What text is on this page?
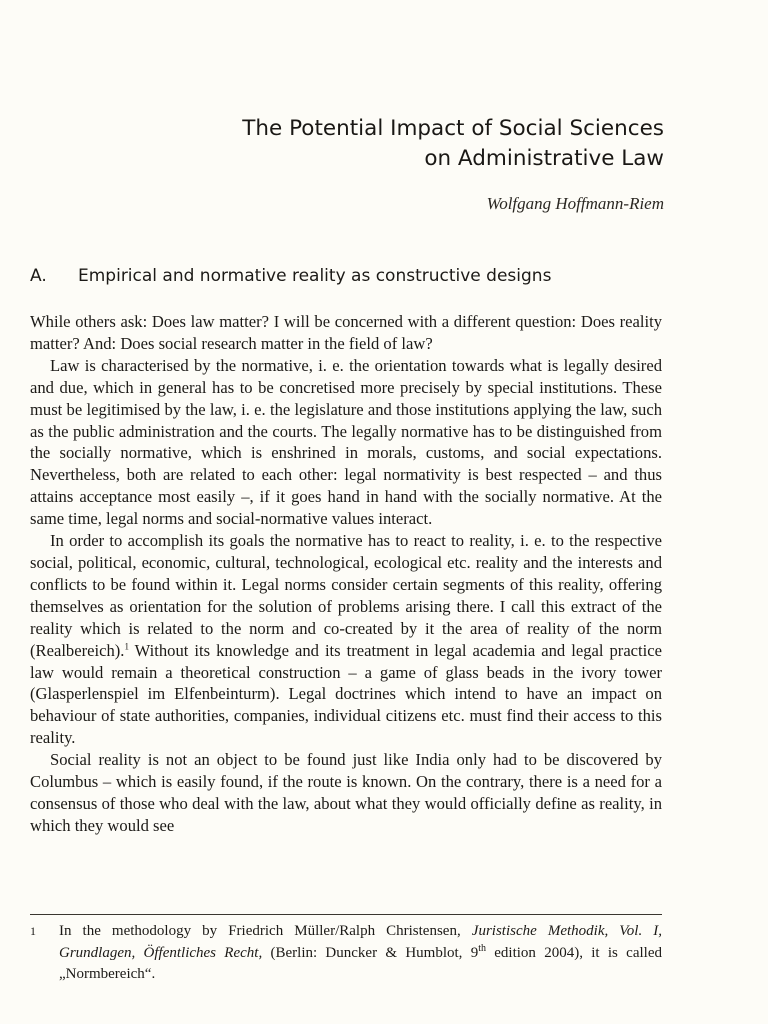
The Potential Impact of Social Sciences
on Administrative Law
Wolfgang Hoffmann-Riem
A. Empirical and normative reality as constructive designs

While others ask: Does law matter? I will be concerned with a different question: Does reality matter? And: Does social research matter in the field of law?

Law is characterised by the normative, i. e. the orientation towards what is legally desired and due, which in general has to be concretised more precisely by special institutions. These must be legitimised by the law, i. e. the legislature and those institutions applying the law, such as the public administration and the courts. The legally normative has to be distinguished from the socially normative, which is enshrined in morals, customs, and social expectations. Nevertheless, both are related to each other: legal normativity is best respected – and thus attains acceptance most easily –, if it goes hand in hand with the socially normative. At the same time, legal norms and social-normative values interact.

In order to accomplish its goals the normative has to react to reality, i. e. to the respective social, political, economic, cultural, technological, ecological etc. reality and the interests and conflicts to be found within it. Legal norms consider certain segments of this reality, offering themselves as orientation for the solution of problems arising there. I call this extract of the reality which is related to the norm and co-created by it the area of reality of the norm (Realbereich).$^1$ Without its knowledge and its treatment in legal academia and legal practice law would remain a theoretical construction – a game of glass beads in the ivory tower (Glasperlenspiel im Elfenbeinturm). Legal doctrines which intend to have an impact on behaviour of state authorities, companies, individual citizens etc. must find their access to this reality.

Social reality is not an object to be found just like India only had to be discovered by Columbus – which is easily found, if the route is known. On the contrary, there is a need for a consensus of those who deal with the law, about what they would officially define as reality, in which they would see

1 In the methodology by Friedrich Müller/Ralph Christensen, Juristische Methodik, Vol. I, Grundlagen, Öffentliches Recht, (Berlin: Duncker & Humblot, 9th edition 2004), it is called „Normbereich“.
